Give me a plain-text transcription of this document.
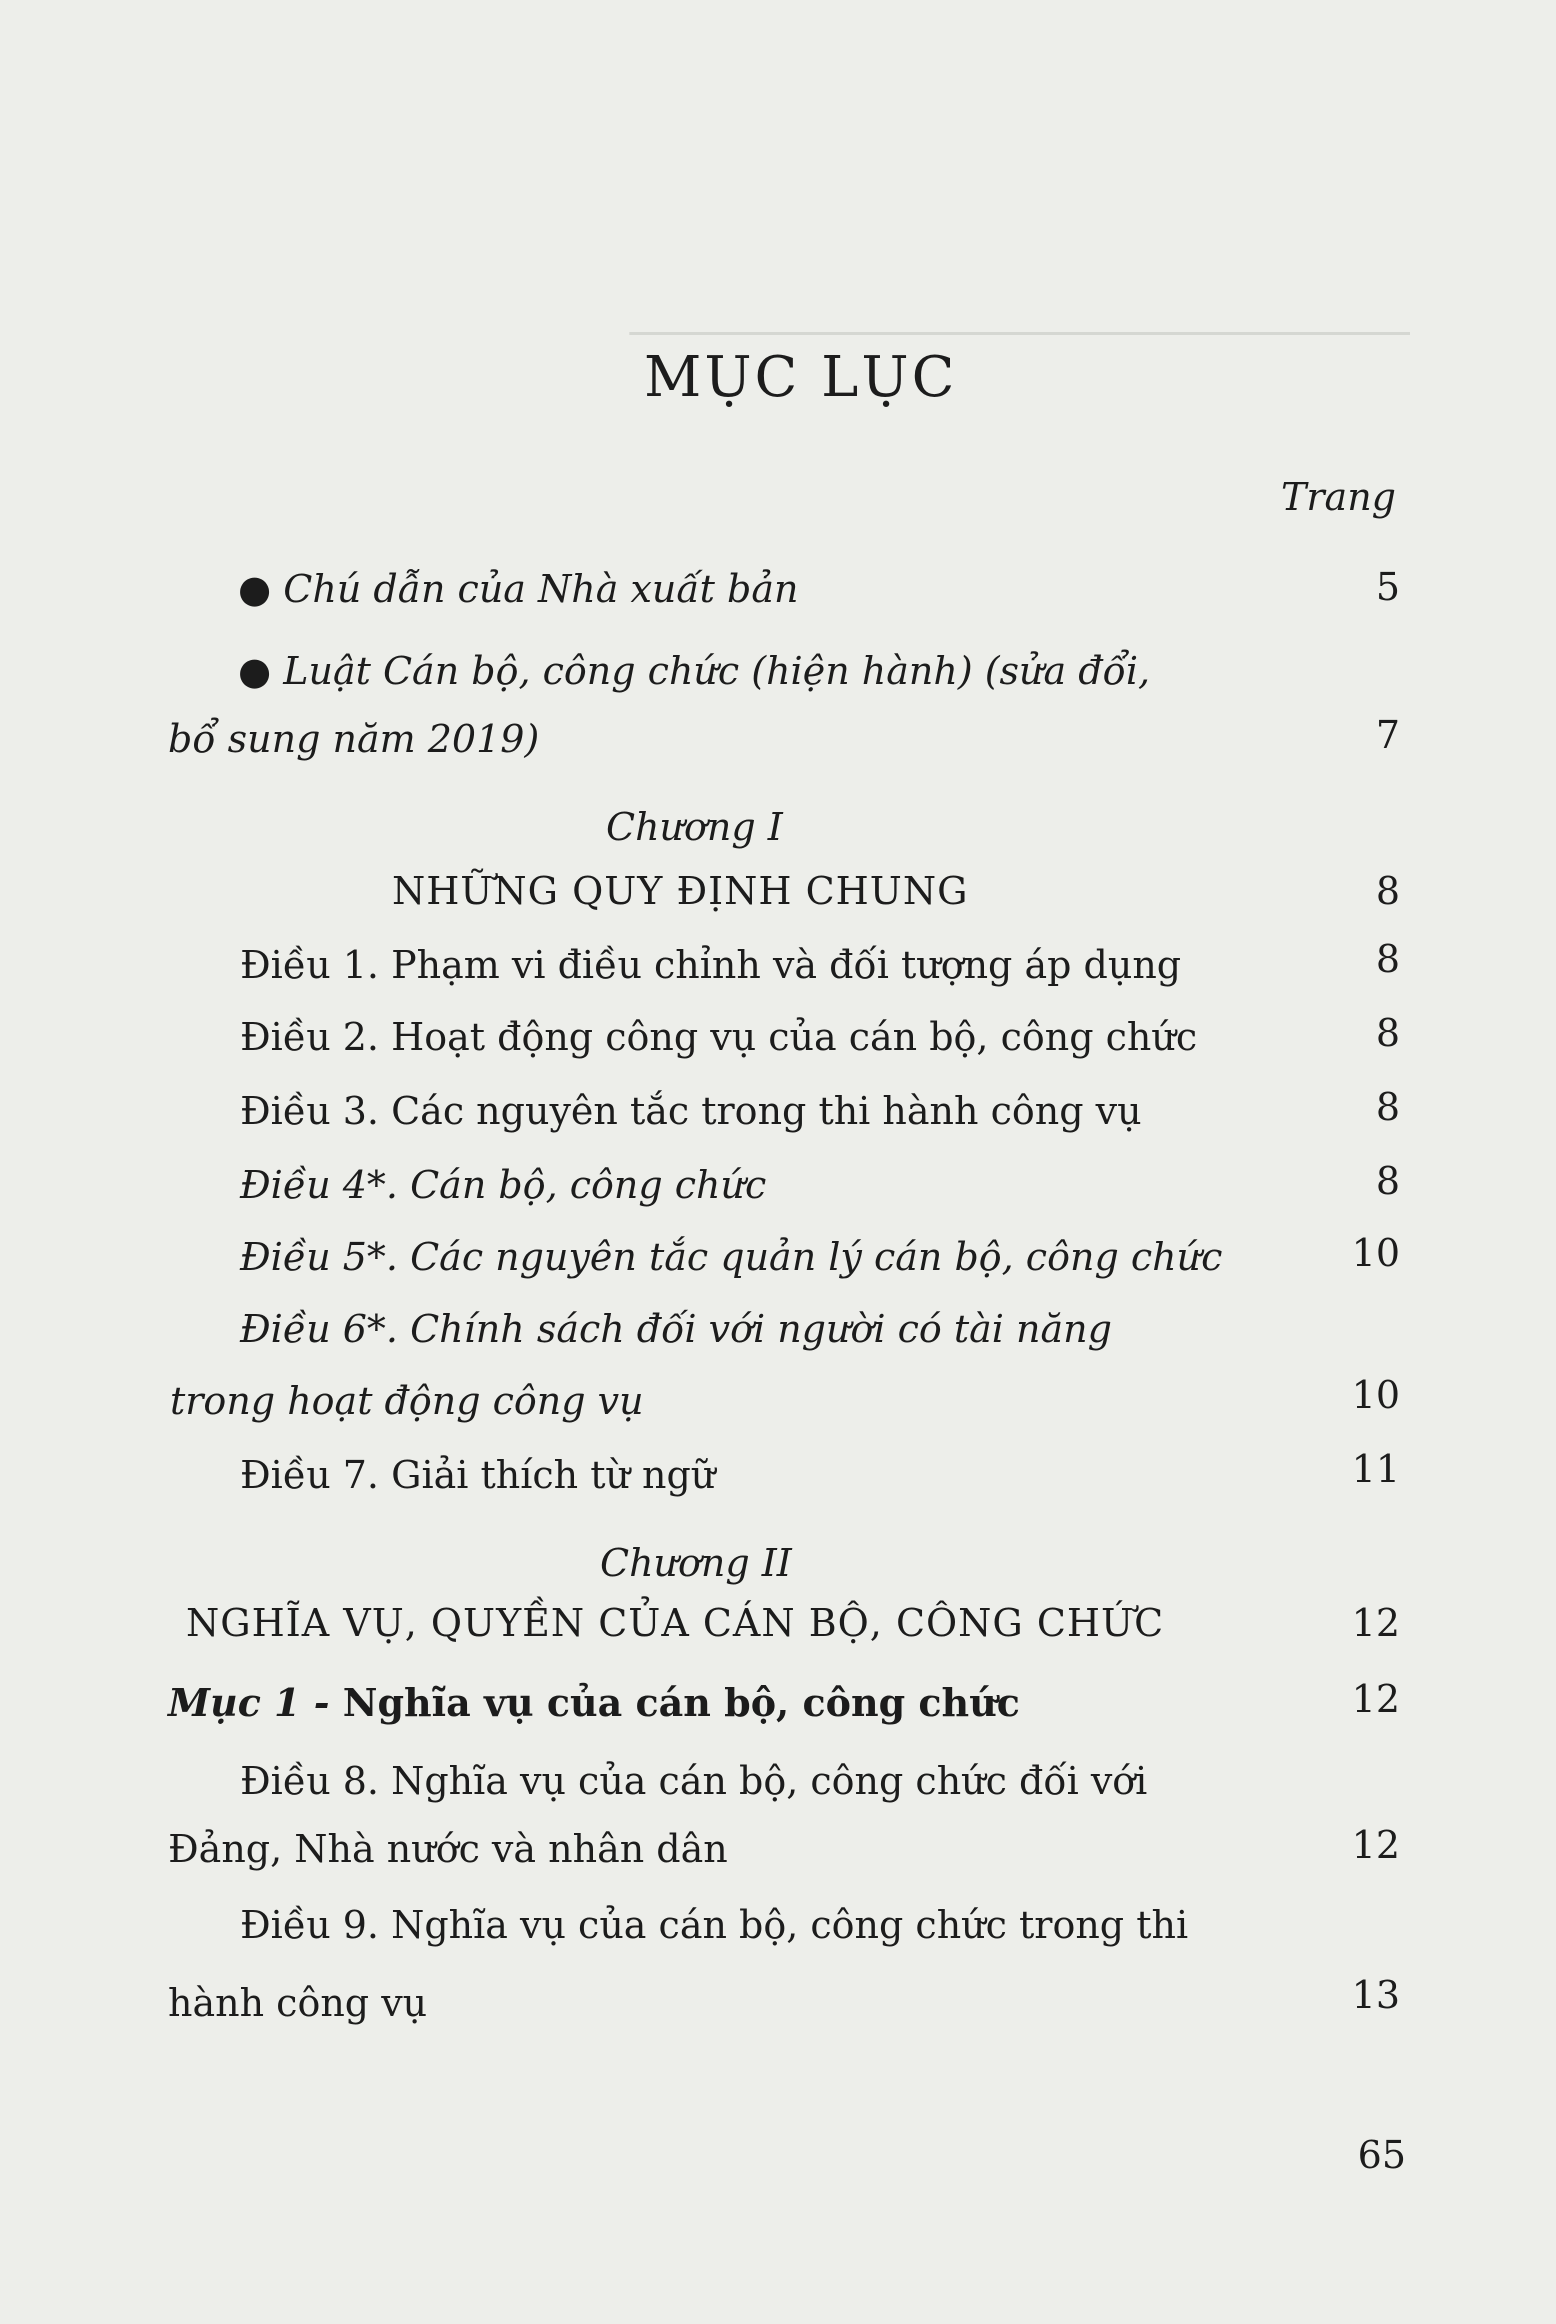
────────────────────────────────────

MỤC LỤC
Trang
● Chú dẫn của Nhà xuất bản	5
● Luật Cán bộ, công chức (hiện hành) (sửa đổi,
bổ sung năm 2019)	7
Chương I
NHỮNG QUY ĐỊNH CHUNG	8
Điều 1. Phạm vi điều chỉnh và đối tượng áp dụng	8
Điều 2. Hoạt động công vụ của cán bộ, công chức	8
Điều 3. Các nguyên tắc trong thi hành công vụ	8
Điều 4*. Cán bộ, công chức	8
Điều 5*. Các nguyên tắc quản lý cán bộ, công chức	10
Điều 6*. Chính sách đối với người có tài năng
trong hoạt động công vụ	10
Điều 7. Giải thích từ ngữ	11
Chương II
NGHĨA VỤ, QUYỀN CỦA CÁN BỘ, CÔNG CHỨC	12
Mục 1 - Nghĩa vụ của cán bộ, công chức	12
Điều 8. Nghĩa vụ của cán bộ, công chức đối với
Đảng, Nhà nước và nhân dân	12
Điều 9. Nghĩa vụ của cán bộ, công chức trong thi
hành công vụ	13
65
